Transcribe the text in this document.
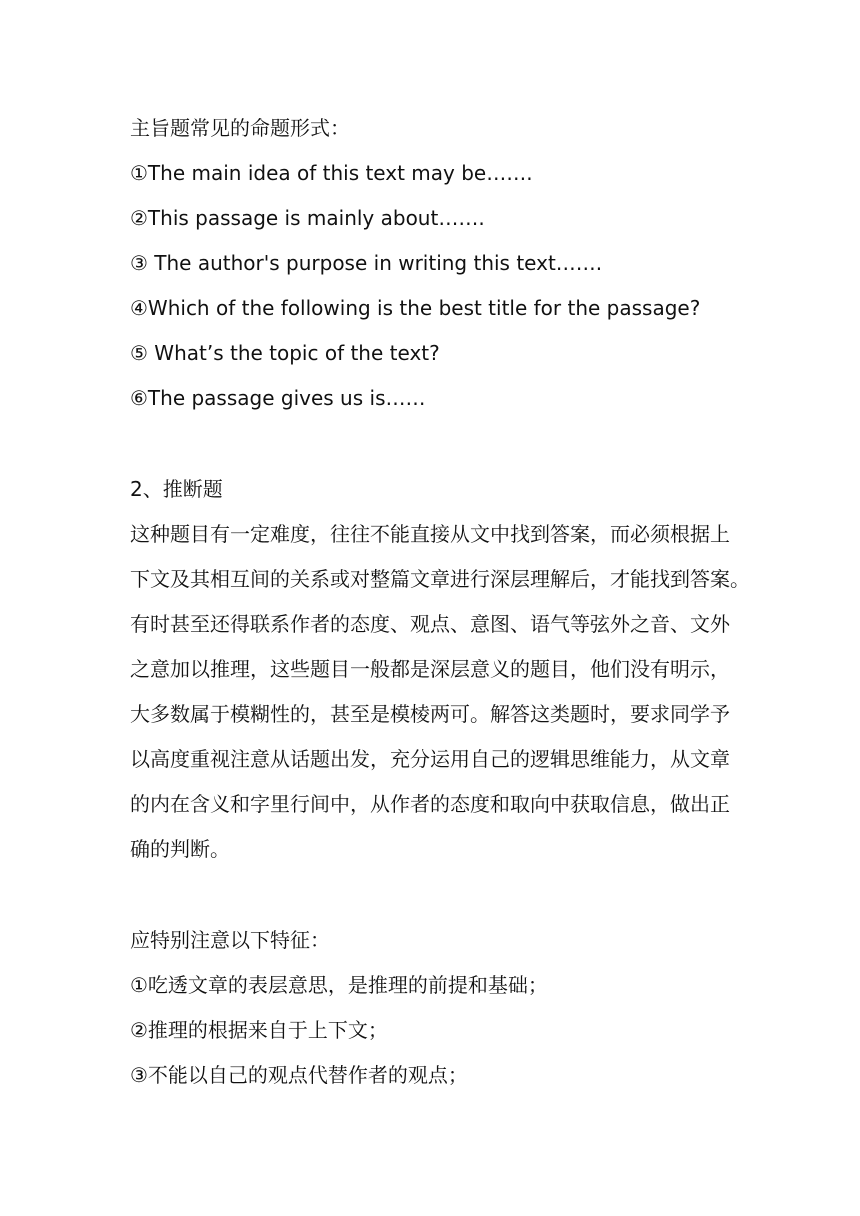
主旨题常见的命题形式：
①The main idea of this text may be…….
②This passage is mainly about…….
③ The author's purpose in writing this text…….
④Which of the following is the best title for the passage?
⑤ What’s the topic of the text?
⑥The passage gives us is……
2、推断题
这种题目有一定难度，往往不能直接从文中找到答案，而必须根据上
下文及其相互间的关系或对整篇文章进行深层理解后，才能找到答案。
有时甚至还得联系作者的态度、观点、意图、语气等弦外之音、文外
之意加以推理，这些题目一般都是深层意义的题目，他们没有明示，
大多数属于模糊性的，甚至是模棱两可。解答这类题时，要求同学予
以高度重视注意从话题出发，充分运用自己的逻辑思维能力，从文章
的内在含义和字里行间中，从作者的态度和取向中获取信息，做出正
确的判断。
应特别注意以下特征：
①吃透文章的表层意思，是推理的前提和基础；
②推理的根据来自于上下文；
③不能以自己的观点代替作者的观点；
